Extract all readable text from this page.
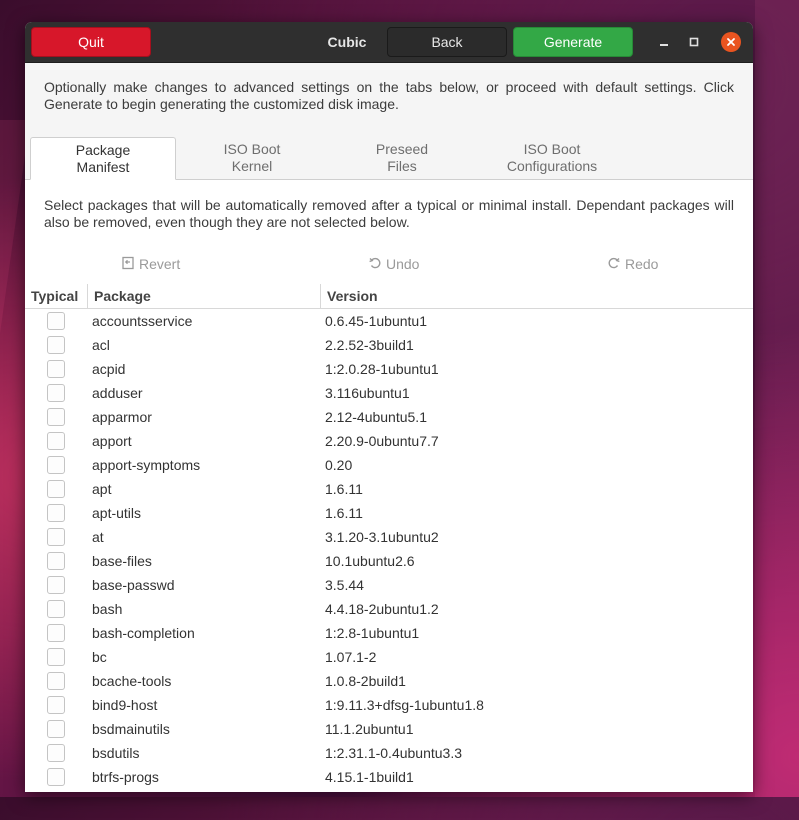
Quit	Cubic	Back	Generate

Optionally make changes to advanced settings on the tabs below, or proceed with default settings. Click Generate to begin generating the customized disk image.

Package
Manifest
ISO Boot
Kernel
Preseed
Files
ISO Boot
Configurations

Select packages that will be automatically removed after a typical or minimal install. Dependant packages will also be removed, even though they are not selected below.

Revert	Undo	Redo
Typical	Package	Version
accountsservice	0.6.45-1ubuntu1
acl	2.2.52-3build1
acpid	1:2.0.28-1ubuntu1
adduser	3.116ubuntu1
apparmor	2.12-4ubuntu5.1
apport	2.20.9-0ubuntu7.7
apport-symptoms	0.20
apt	1.6.11
apt-utils	1.6.11
at	3.1.20-3.1ubuntu2
base-files	10.1ubuntu2.6
base-passwd	3.5.44
bash	4.4.18-2ubuntu1.2
bash-completion	1:2.8-1ubuntu1
bc	1.07.1-2
bcache-tools	1.0.8-2build1
bind9-host	1:9.11.3+dfsg-1ubuntu1.8
bsdmainutils	11.1.2ubuntu1
bsdutils	1:2.31.1-0.4ubuntu3.3
btrfs-progs	4.15.1-1build1
